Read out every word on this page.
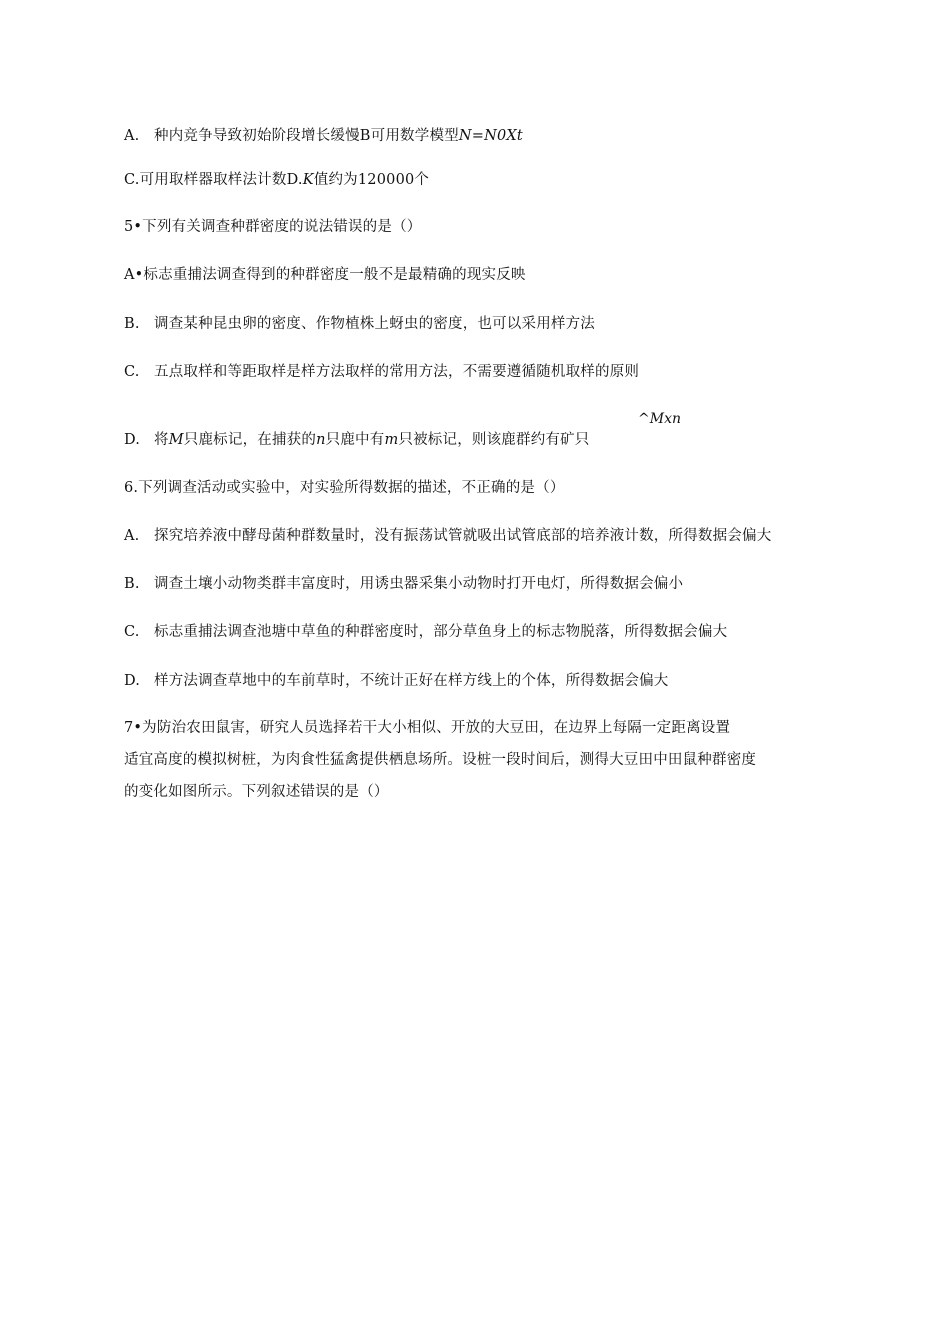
A. 种内竞争导致初始阶段增长缓慢B可用数学模型N=N0Xt
C.可用取样器取样法计数D.K值约为120000个
5•下列有关调查种群密度的说法错误的是（）
A•标志重捕法调查得到的种群密度一般不是最精确的现实反映
B. 调查某种昆虫卵的密度、作物植株上蚜虫的密度，也可以采用样方法
C. 五点取样和等距取样是样方法取样的常用方法，不需要遵循随机取样的原则
^Mxn
D. 将M只鹿标记，在捕获的n只鹿中有m只被标记，则该鹿群约有矿只
6.下列调查活动或实验中，对实验所得数据的描述，不正确的是（）
A. 探究培养液中酵母菌种群数量时，没有振荡试管就吸出试管底部的培养液计数，所得数据会偏大
B. 调查土壤小动物类群丰富度时，用诱虫器采集小动物时打开电灯，所得数据会偏小
C. 标志重捕法调查池塘中草鱼的种群密度时，部分草鱼身上的标志物脱落，所得数据会偏大
D. 样方法调查草地中的车前草时，不统计正好在样方线上的个体，所得数据会偏大
7•为防治农田鼠害，研究人员选择若干大小相似、开放的大豆田，在边界上每隔一定距离设置
适宜高度的模拟树桩，为肉食性猛禽提供栖息场所。设桩一段时间后，测得大豆田中田鼠种群密度
的变化如图所示。下列叙述错误的是（）
